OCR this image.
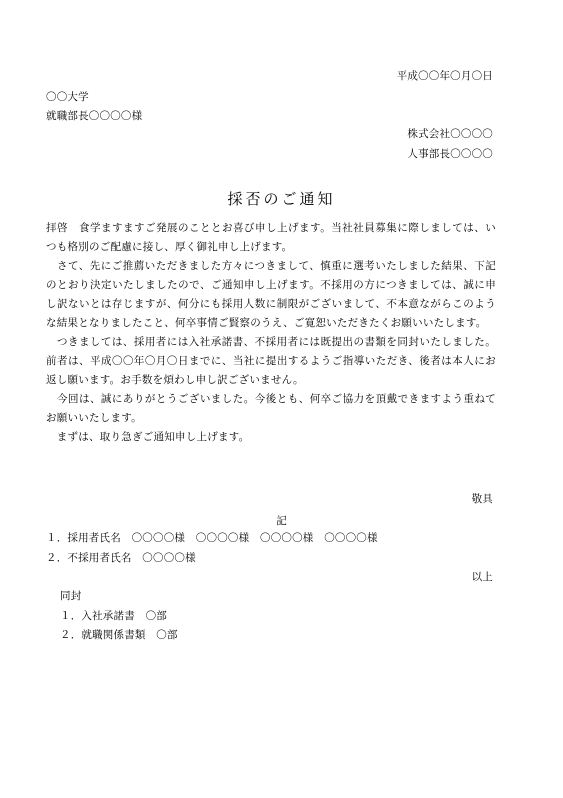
平成〇〇年〇月〇日
〇〇大学
就職部長〇〇〇〇様
株式会社〇〇〇〇
人事部長〇〇〇〇
採否のご通知

拝啓　食学ますますご発展のこととお喜び申し上げます。当社社員募集に際しましては、いつも格別のご配慮に接し、厚く御礼申し上げます。

　さて、先にご推薦いただきました方々につきまして、慎重に選考いたしました結果、下記のとおり決定いたしましたので、ご通知申し上げます。不採用の方につきましては、誠に申し訳ないとは存じますが、何分にも採用人数に制限がございまして、不本意ながらこのような結果となりましたこと、何卒事情ご賢察のうえ、ご寛恕いただきたくお願いいたします。

　つきましては、採用者には入社承諾書、不採用者には既提出の書類を同封いたしました。前者は、平成〇〇年〇月〇日までに、当社に提出するようご指導いただき、後者は本人にお返し願います。お手数を煩わし申し訳ございません。

　今回は、誠にありがとうございました。今後とも、何卒ご協力を頂戴できますよう重ねてお願いいたします。

　まずは、取り急ぎご通知申し上げます。

敬具
記
１．採用者氏名　〇〇〇〇様　〇〇〇〇様　〇〇〇〇様　〇〇〇〇様
２．不採用者氏名　〇〇〇〇様
以上
同封
１．入社承諾書　〇部
２．就職関係書類　〇部
